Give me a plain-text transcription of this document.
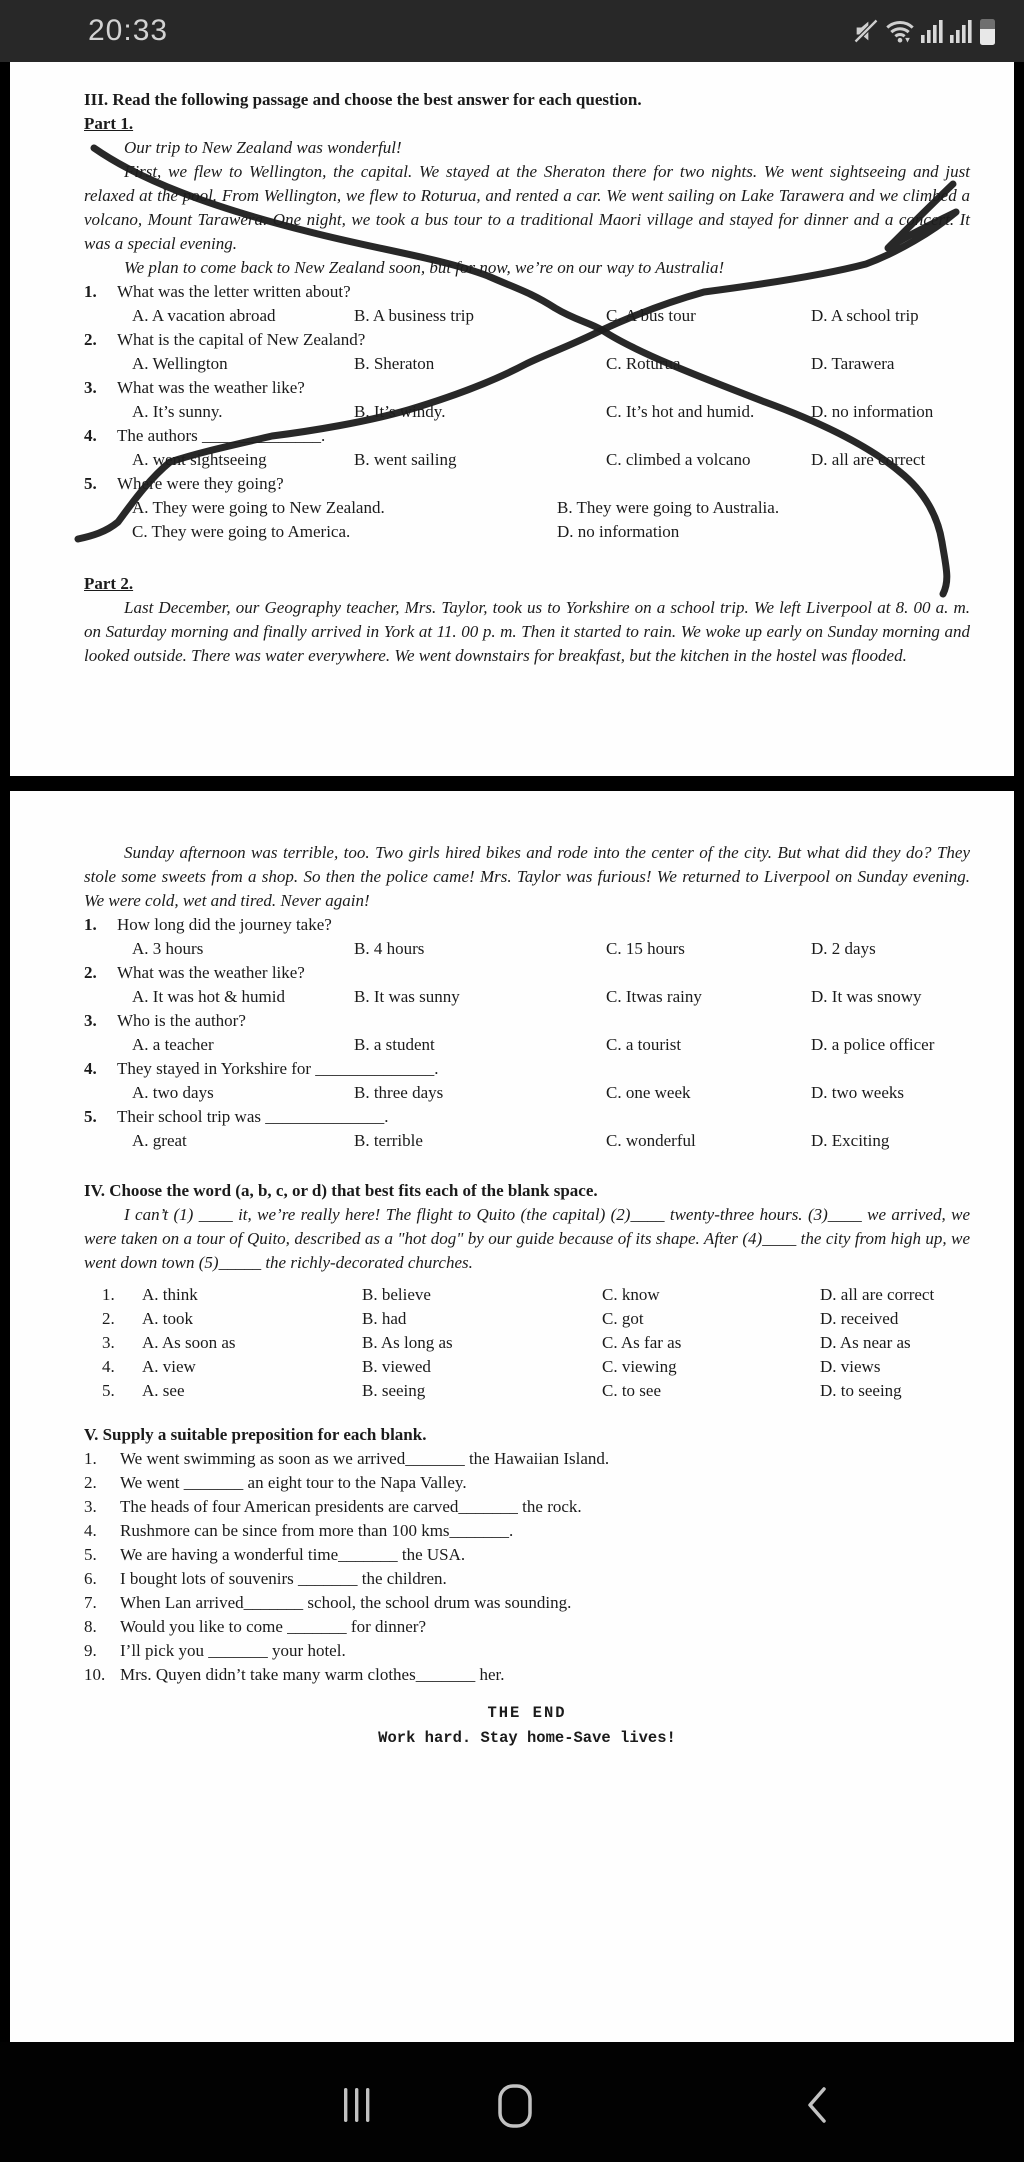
20:33
III. Read the following passage and choose the best answer for each question.
Part 1.

Our trip to New Zealand was wonderful!

First, we flew to Wellington, the capital. We stayed at the Sheraton there for two nights. We went sightseeing and just relaxed at the pool. From Wellington, we flew to Roturua, and rented a car. We went sailing on Lake Tarawera and we climbed a volcano, Mount Tarawera. One night, we took a bus tour to a traditional Maori village and stayed for dinner and a concert. It was a special evening.

We plan to come back to New Zealand soon, but for now, we’re on our way to Australia!

1.	What was the letter written about?
A. A vacation abroad	B. A business trip	C. A bus tour	D. A school trip
2.	What is the capital of New Zealand?
A. Wellington	B. Sheraton	C. Roturua	D. Tarawera
3.	What was the weather like?
A. It’s sunny.	B. It’s windy.	C. It’s hot and humid.	D. no information
4.	The authors ______________.
A. went sightseeing	B. went sailing	C. climbed a volcano	D. all are correct
5.	Where were they going?
A. They were going to New Zealand.	B. They were going to Australia.
C. They were going to America.	D. no information
Part 2.

Last December, our Geography teacher, Mrs. Taylor, took us to Yorkshire on a school trip. We left Liverpool at 8. 00 a. m. on Saturday morning and finally arrived in York at 11. 00 p. m. Then it started to rain. We woke up early on Sunday morning and looked outside. There was water everywhere. We went downstairs for breakfast, but the kitchen in the hostel was flooded.

Sunday afternoon was terrible, too. Two girls hired bikes and rode into the center of the city. But what did they do? They stole some sweets from a shop. So then the police came! Mrs. Taylor was furious! We returned to Liverpool on Sunday evening. We were cold, wet and tired. Never again!

1.	How long did the journey take?
A. 3 hours	B. 4 hours	C. 15 hours	D. 2 days
2.	What was the weather like?
A. It was hot & humid	B. It was sunny	C. Itwas rainy	D. It was snowy
3.	Who is the author?
A. a teacher	B. a student	C. a tourist	D. a police officer
4.	They stayed in Yorkshire for ______________.
A. two days	B. three days	C. one week	D. two weeks
5.	Their school trip was ______________.
A. great	B. terrible	C. wonderful	D. Exciting
IV. Choose the word (a, b, c, or d) that best fits each of the blank space.

I can’t (1) ____ it, we’re really here! The flight to Quito (the capital) (2)____ twenty-three hours. (3)____ we arrived, we were taken on a tour of Quito, described as a "hot dog" by our guide because of its shape. After (4)____ the city from high up, we went down town (5)_____ the richly-decorated churches.

1.	A. think	B. believe	C. know	D. all are correct
2.	A. took	B. had	C. got	D. received
3.	A. As soon as	B. As long as	C. As far as	D. As near as
4.	A. view	B. viewed	C. viewing	D. views
5.	A. see	B. seeing	C. to see	D. to seeing
V. Supply a suitable preposition for each blank.
1.	We went swimming as soon as we arrived_______ the Hawaiian Island.
2.	We went _______ an eight tour to the Napa Valley.
3.	The heads of four American presidents are carved_______ the rock.
4.	Rushmore can be since from more than 100 kms_______.
5.	We are having a wonderful time_______ the USA.
6.	I bought lots of souvenirs _______ the children.
7.	When Lan arrived_______ school, the school drum was sounding.
8.	Would you like to come _______ for dinner?
9.	I’ll pick you _______ your hotel.
10. Mrs. Quyen didn’t take many warm clothes_______ her.
THE END
Work hard. Stay home-Save lives!
